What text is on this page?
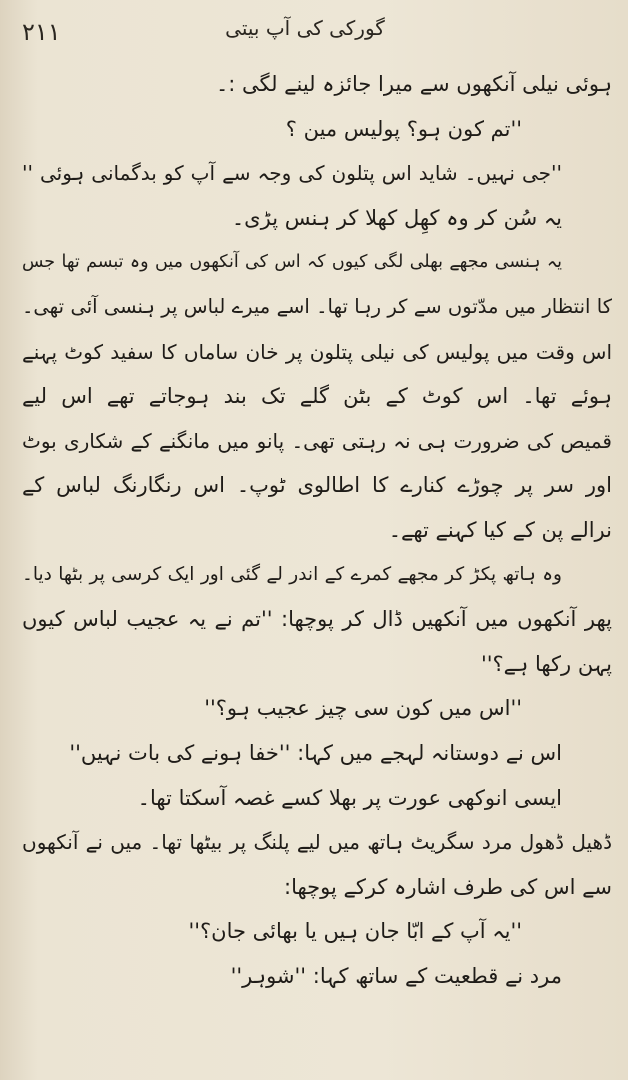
۲۱۱	گورکی کی آپ بیتی
ہوئی نیلی آنکھوں سے میرا جائزہ لینے لگی :۔
''تم کون ہو؟ پولیس مین ؟
''جی نہیں۔ شاید اس پتلون کی وجہ سے آپ کو بدگمانی ہوئی ''
یہ سُن کر وہ کھِل کھلا کر ہنس پڑی۔
یہ ہنسی مجھے بھلی لگی کیوں کہ اس کی آنکھوں میں وہ تبسم تھا جس
کا انتظار میں مدّتوں سے کر رہا تھا۔ اسے میرے لباس پر ہنسی آئی تھی۔
اس وقت میں پولیس کی نیلی پتلون پر خان ساماں کا سفید کوٹ پہنے
ہوئے تھا۔ اس کوٹ کے بٹن گلے تک بند ہوجاتے تھے اس لیے
قمیص کی ضرورت ہی نہ رہتی تھی۔ پانو میں مانگنے کے شکاری بوٹ
اور سر پر چوڑے کنارے کا اطالوی ٹوپ۔ اس رنگارنگ لباس کے
نرالے پن کے کیا کہنے تھے۔
وہ ہاتھ پکڑ کر مجھے کمرے کے اندر لے گئی اور ایک کرسی پر بٹھا دیا۔
پھر آنکھوں میں آنکھیں ڈال کر پوچھا: ''تم نے یہ عجیب لباس کیوں
پہن رکھا ہے؟''
''اس میں کون سی چیز عجیب ہو؟''
اس نے دوستانہ لہجے میں کہا: ''خفا ہونے کی بات نہیں''
ایسی انوکھی عورت پر بھلا کسے غصہ آسکتا تھا۔
ڈھیل ڈھول مرد سگریٹ ہاتھ میں لیے پلنگ پر بیٹھا تھا۔ میں نے آنکھوں
سے اس کی طرف اشارہ کرکے پوچھا:
''یہ آپ کے ابّا جان ہیں یا بھائی جان؟''
مرد نے قطعیت کے ساتھ کہا: ''شوہر''
